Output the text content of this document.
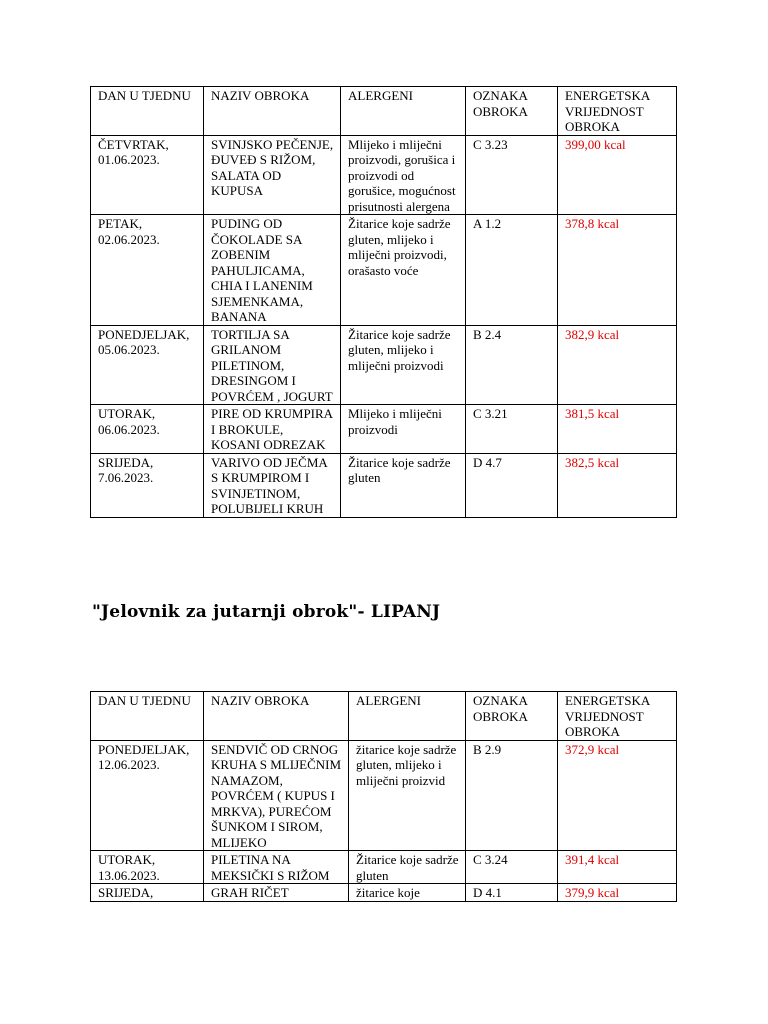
DAN U TJEDNU	NAZIV OBROKA	ALERGENI	OZNAKA OBROKA	ENERGETSKA VRIJEDNOST OBROKA
ČETVRTAK, 01.06.2023.	SVINJSKO PEČENJE, ĐUVEĐ S RIŽOM, SALATA OD KUPUSA	Mlijeko i mliječni proizvodi, gorušica i proizvodi od gorušice, mogućnost prisutnosti alergena	C 3.23	399,00 kcal
PETAK, 02.06.2023.	PUDING OD ČOKOLADE SA ZOBENIM PAHULJICAMA, CHIA I LANENIM SJEMENKAMA, BANANA	Žitarice koje sadrže gluten, mlijeko i mliječni proizvodi, orašasto voće	A 1.2	378,8 kcal
PONEDJELJAK, 05.06.2023.	TORTILJA SA GRILANOM PILETINOM, DRESINGOM I POVRĆEM , JOGURT	Žitarice koje sadrže gluten, mlijeko i mliječni proizvodi	B 2.4	382,9 kcal
UTORAK, 06.06.2023.	PIRE OD KRUMPIRA I BROKULE, KOSANI ODREZAK	Mlijeko i mliječni proizvodi	C 3.21	381,5 kcal
SRIJEDA, 7.06.2023.	VARIVO OD JEČMA S KRUMPIROM I SVINJETINOM, POLUBIJELI KRUH	Žitarice koje sadrže gluten	D 4.7	382,5 kcal
"Jelovnik za jutarnji obrok"- LIPANJ
DAN U TJEDNU	NAZIV OBROKA	ALERGENI	OZNAKA OBROKA	ENERGETSKA VRIJEDNOST OBROKA
PONEDJELJAK, 12.06.2023.	SENDVIČ OD CRNOG KRUHA S MLIJEČNIM NAMAZOM, POVRĆEM ( KUPUS I MRKVA), PUREĆOM ŠUNKOM I SIROM, MLIJEKO	žitarice koje sadrže gluten, mlijeko i mliječni proizvid	B 2.9	372,9 kcal
UTORAK, 13.06.2023.	PILETINA NA MEKSIČKI S RIŽOM	Žitarice koje sadrže gluten	C 3.24	391,4 kcal
SRIJEDA,	GRAH RIČET	žitarice koje	D 4.1	379,9 kcal
